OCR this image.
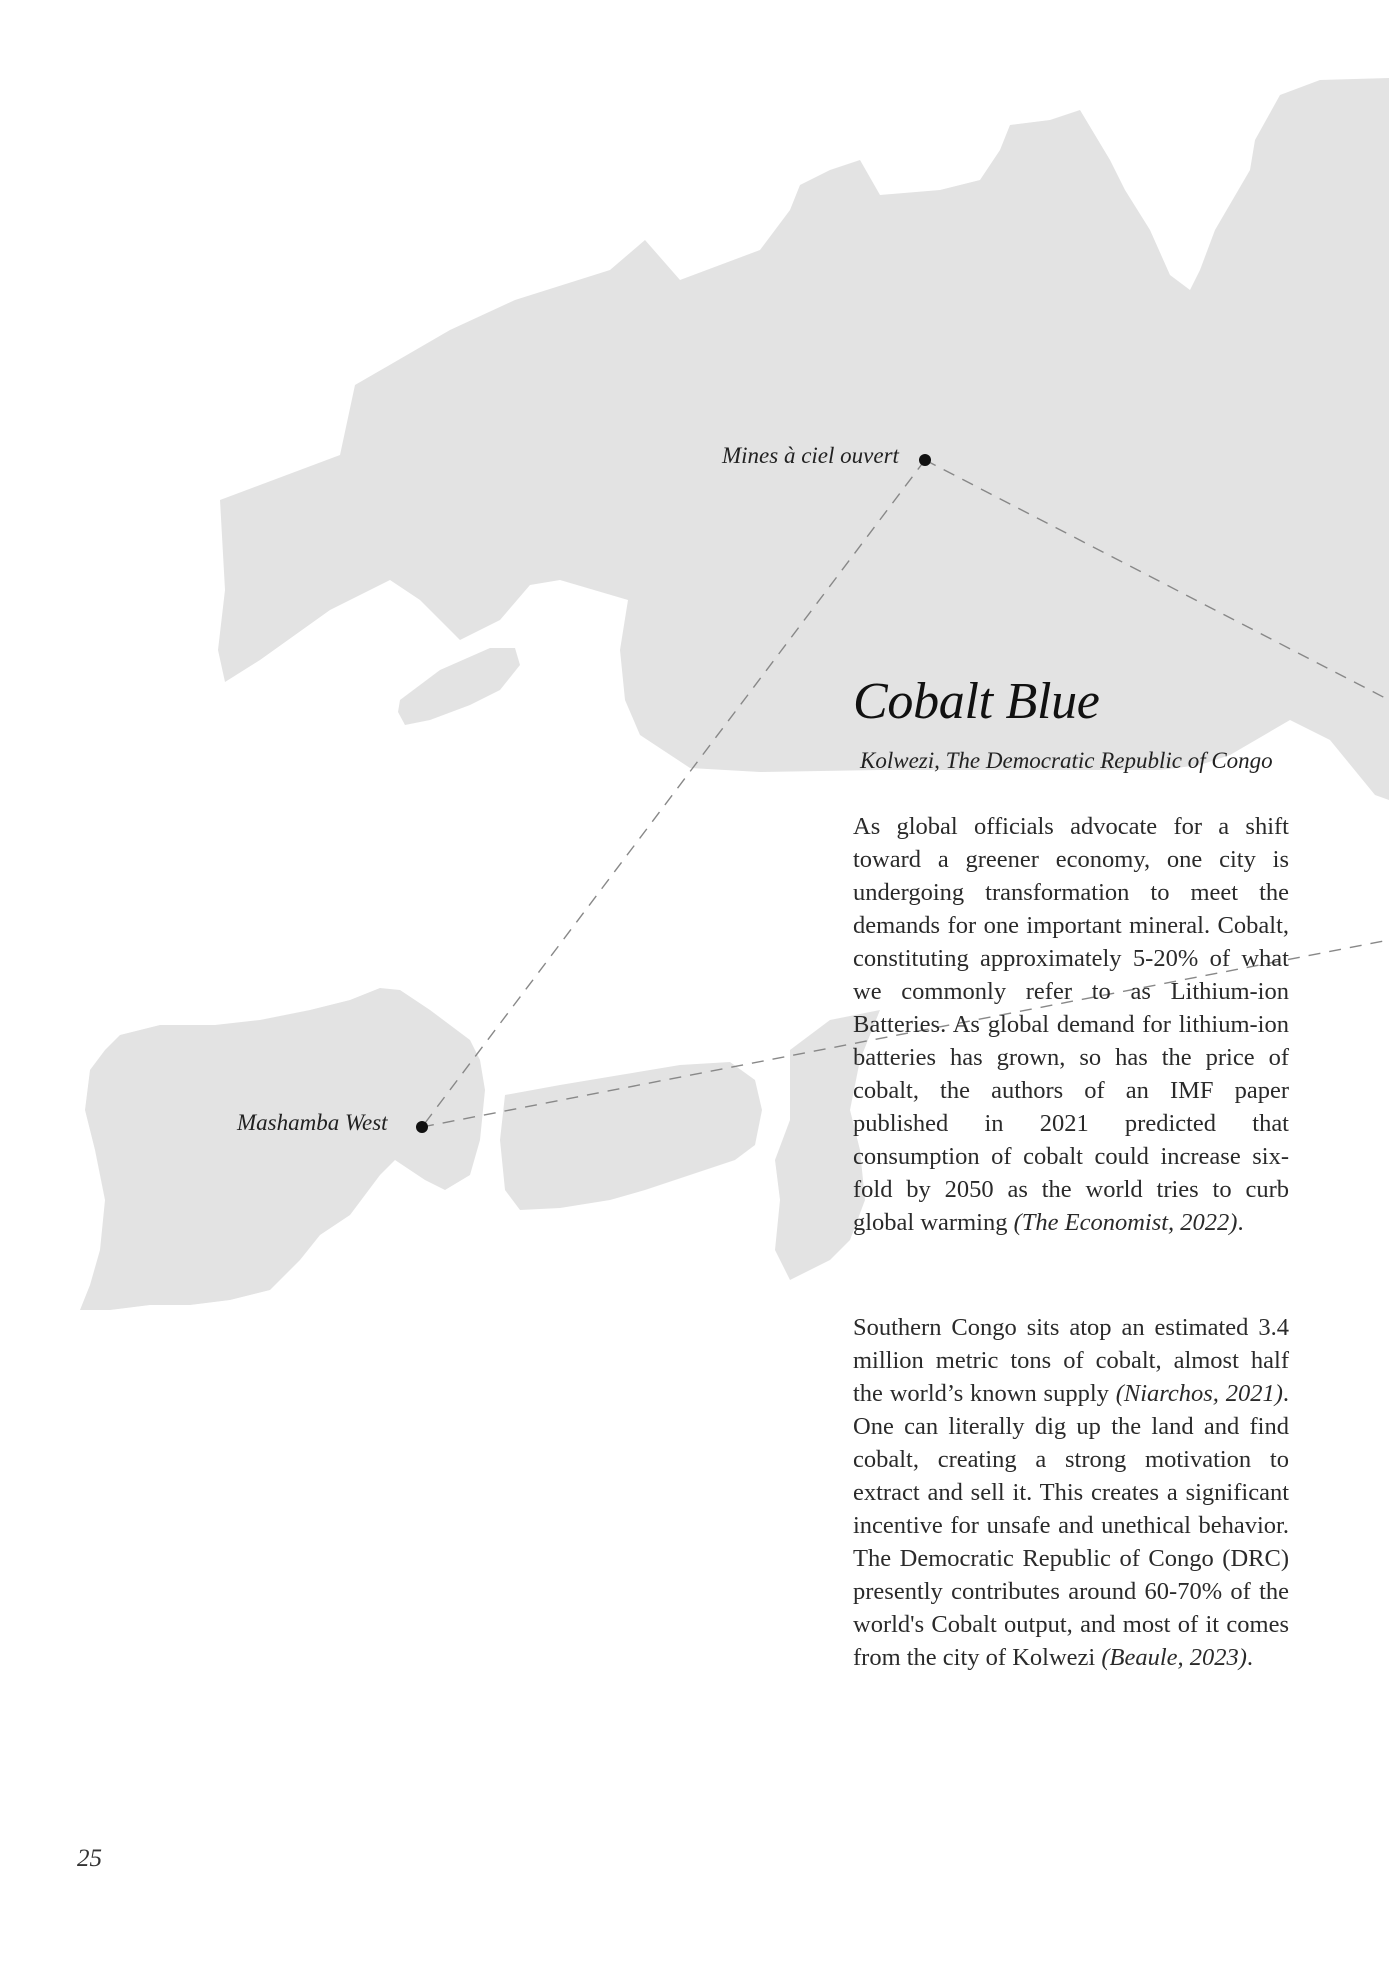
Mines à ciel ouvert
Mashamba West
Cobalt Blue
Kolwezi, The Democratic Republic of Congo

As global officials advocate for a shift toward a greener economy, one city is undergoing transformation to meet the demands for one important mineral. Cobalt, constituting approximately 5-20% of what we commonly refer to as Lithium-ion Batteries. As global demand for lithium-ion batteries has grown, so has the price of cobalt, the authors of an IMF paper published in 2021 predicted that consumption of cobalt could increase six-fold by 2050 as the world tries to curb global warming (The Economist, 2022).

Southern Congo sits atop an estimated 3.4 million metric tons of cobalt, almost half the world’s known supply (Niarchos, 2021). One can literally dig up the land and find cobalt, creating a strong motivation to extract and sell it. This creates a significant incentive for unsafe and unethical behavior. The Democratic Republic of Congo (DRC) presently contributes around 60-70% of the world's Cobalt output, and most of it comes from the city of Kolwezi (Beaule, 2023).

25
